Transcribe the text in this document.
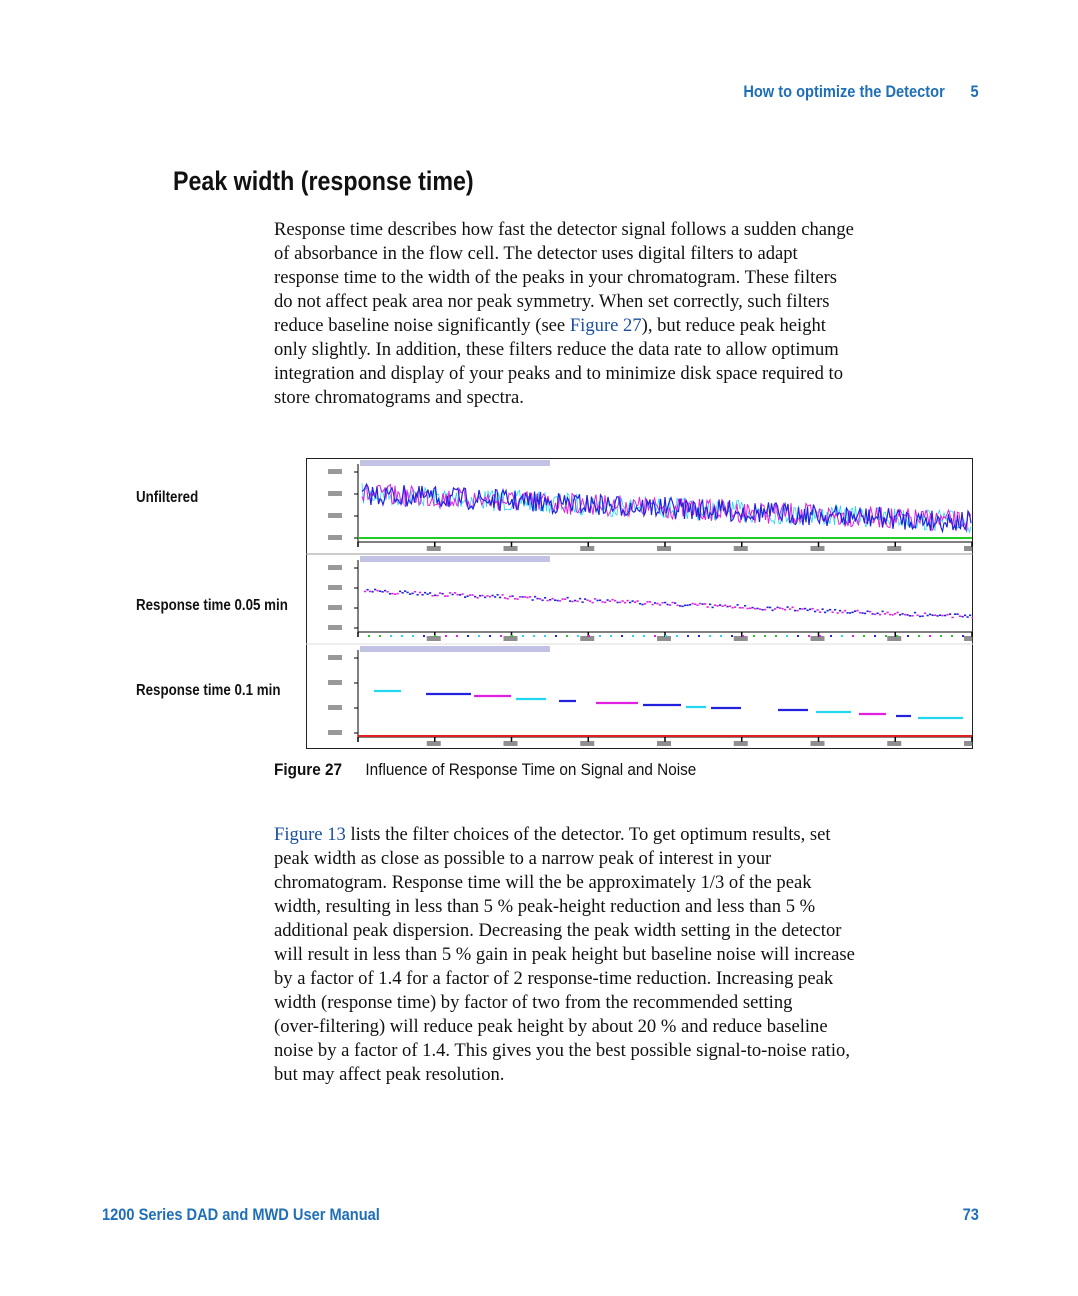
How to optimize the Detector 5
Peak width (response time)

Response time describes how fast the detector signal follows a sudden change
of absorbance in the flow cell. The detector uses digital filters to adapt
response time to the width of the peaks in your chromatogram. These filters
do not affect peak area nor peak symmetry. When set correctly, such filters
reduce baseline noise significantly (see Figure 27), but reduce peak height
only slightly. In addition, these filters reduce the data rate to allow optimum
integration and display of your peaks and to minimize disk space required to
store chromatograms and spectra.

Unfiltered
Response time 0.05 min
Response time 0.1 min
Figure 27 Influence of Response Time on Signal and Noise

Figure 13 lists the filter choices of the detector. To get optimum results, set
peak width as close as possible to a narrow peak of interest in your
chromatogram. Response time will the be approximately 1/3 of the peak
width, resulting in less than 5 % peak-height reduction and less than 5 %
additional peak dispersion. Decreasing the peak width setting in the detector
will result in less than 5 % gain in peak height but baseline noise will increase
by a factor of 1.4 for a factor of 2 response-time reduction. Increasing peak
width (response time) by factor of two from the recommended setting
(over-filtering) will reduce peak height by about 20 % and reduce baseline
noise by a factor of 1.4. This gives you the best possible signal-to-noise ratio,
but may affect peak resolution.

1200 Series DAD and MWD User Manual	73
